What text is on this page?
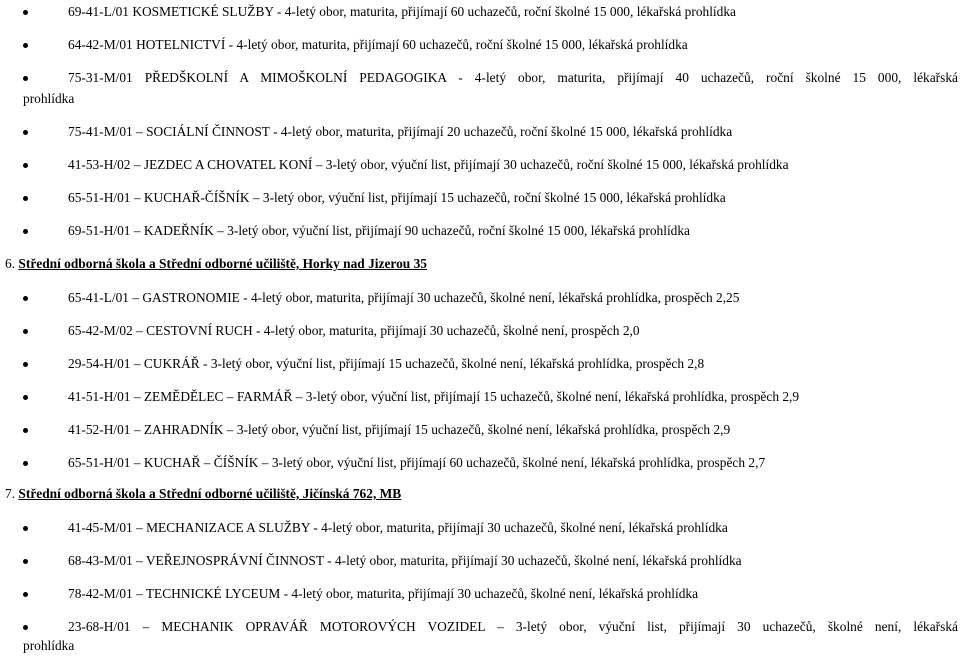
69-41-L/01 KOSMETICKÉ SLUŽBY - 4-letý obor, maturita, přijímají 60 uchazečů, roční školné 15 000, lékařská prohlídka
64-42-M/01 HOTELNICTVÍ - 4-letý obor, maturita, přijímají 60 uchazečů, roční školné 15 000, lékařská prohlídka
75-31-M/01 PŘEDŠKOLNÍ A MIMOŠKOLNÍ PEDAGOGIKA - 4-letý obor, maturita, přijímají 40 uchazečů, roční školné 15 000, lékařská
prohlídka
75-41-M/01 – SOCIÁLNÍ ČINNOST - 4-letý obor, maturita, přijímají 20 uchazečů, roční školné 15 000, lékařská prohlídka
41-53-H/02 – JEZDEC A CHOVATEL KONÍ – 3-letý obor, výuční list, přijímají 30 uchazečů, roční školné 15 000, lékařská prohlídka
65-51-H/01 – KUCHAŘ-ČÍŠNÍK – 3-letý obor, výuční list, přijímají 15 uchazečů, roční školné 15 000, lékařská prohlídka
69-51-H/01 – KADEŘNÍK – 3-letý obor, výuční list, přijímají 90 uchazečů, roční školné 15 000, lékařská prohlídka
6. Střední odborná škola a Střední odborné učiliště, Horky nad Jizerou 35
65-41-L/01 – GASTRONOMIE - 4-letý obor, maturita, přijímají 30 uchazečů, školné není, lékařská prohlídka, prospěch 2,25
65-42-M/02 – CESTOVNÍ RUCH - 4-letý obor, maturita, přijímají 30 uchazečů, školné není, prospěch 2,0
29-54-H/01 – CUKRÁŘ - 3-letý obor, výuční list, přijímají 15 uchazečů, školné není, lékařská prohlídka, prospěch 2,8
41-51-H/01 – ZEMĚDĚLEC – FARMÁŘ – 3-letý obor, výuční list, přijímají 15 uchazečů, školné není, lékařská prohlídka, prospěch 2,9
41-52-H/01 – ZAHRADNÍK – 3-letý obor, výuční list, přijímají 15 uchazečů, školné není, lékařská prohlídka, prospěch 2,9
65-51-H/01 – KUCHAŘ – ČÍŠNÍK – 3-letý obor, výuční list, přijímají 60 uchazečů, školné není, lékařská prohlídka, prospěch 2,7
7. Střední odborná škola a Střední odborné učiliště, Jičínská 762, MB
41-45-M/01 – MECHANIZACE A SLUŽBY - 4-letý obor, maturita, přijímají 30 uchazečů, školné není, lékařská prohlídka
68-43-M/01 – VEŘEJNOSPRÁVNÍ ČINNOST - 4-letý obor, maturita, přijímají 30 uchazečů, školné není, lékařská prohlídka
78-42-M/01 – TECHNICKÉ LYCEUM - 4-letý obor, maturita, přijímají 30 uchazečů, školné není, lékařská prohlídka
23-68-H/01 – MECHANIK OPRAVÁŘ MOTOROVÝCH VOZIDEL – 3-letý obor, výuční list, přijímají 30 uchazečů, školné není, lékařská
prohlídka
